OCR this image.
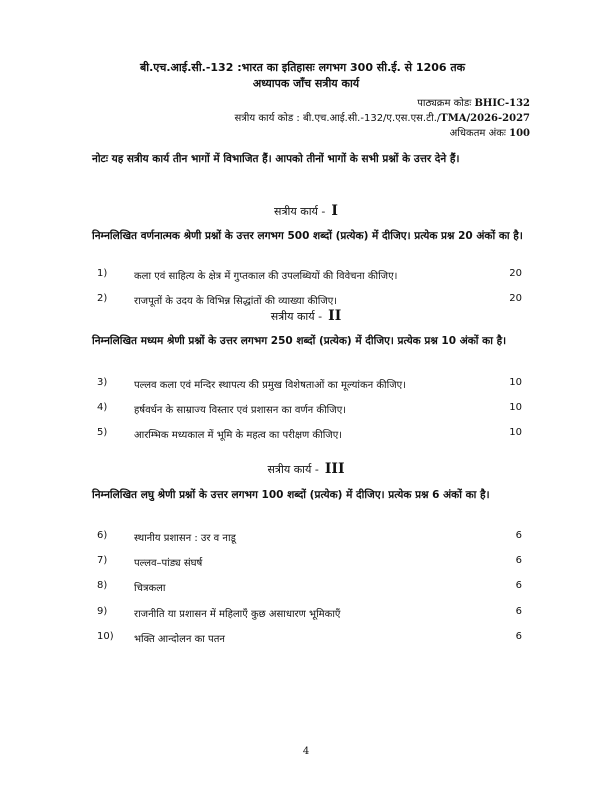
बी.एच.आई.सी.-132 :भारत का इतिहासः लगभग 300 सी.ई. से 1206 तक
अध्यापक जाँच सत्रीय कार्य
पाठ्यक्रम कोडः BHIC-132
सत्रीय कार्य कोड : बी.एच.आई.सी.-132/ए.एस.एस.टी./TMA/2026-2027
अधिकतम अंकः 100
नोटः यह सत्रीय कार्य तीन भागों में विभाजित हैं। आपको तीनों भागों के सभी प्रश्नों के उत्तर देने हैं।
सत्रीय कार्य - I
निम्नलिखित वर्णनात्मक श्रेणी प्रश्नों के उत्तर लगभग 500 शब्दों (प्रत्येक) में दीजिए। प्रत्येक प्रश्न 20 अंकों का है।
1)	कला एवं साहित्य के क्षेत्र में गुप्तकाल की उपलब्धियों की विवेचना कीजिए।	20
2)	राजपूतों के उदय के विभिन्न सिद्धांतों की व्याख्या कीजिए।	20
सत्रीय कार्य - II
निम्नलिखित मध्यम श्रेणी प्रश्नों के उत्तर लगभग 250 शब्दों (प्रत्येक) में दीजिए। प्रत्येक प्रश्न 10 अंकों का है।
3)	पल्लव कला एवं मन्दिर स्थापत्य की प्रमुख विशेषताओं का मूल्यांकन कीजिए।	10
4)	हर्षवर्धन के साम्राज्य विस्तार एवं प्रशासन का वर्णन कीजिए।	10
5)	आरम्भिक मध्यकाल में भूमि के महत्व का परीक्षण कीजिए।	10
सत्रीय कार्य - III
निम्नलिखित लघु श्रेणी प्रश्नों के उत्तर लगभग 100 शब्दों (प्रत्येक) में दीजिए। प्रत्येक प्रश्न 6 अंकों का है।
6)	स्थानीय प्रशासन : उर व नाडू	6
7)	पल्लव–पांड्य संघर्ष	6
8)	चित्रकला	6
9)	राजनीति या प्रशासन में महिलाएँ कुछ असाधारण भूमिकाएँ	6
10) भक्ति आन्दोलन का पतन	6
4
